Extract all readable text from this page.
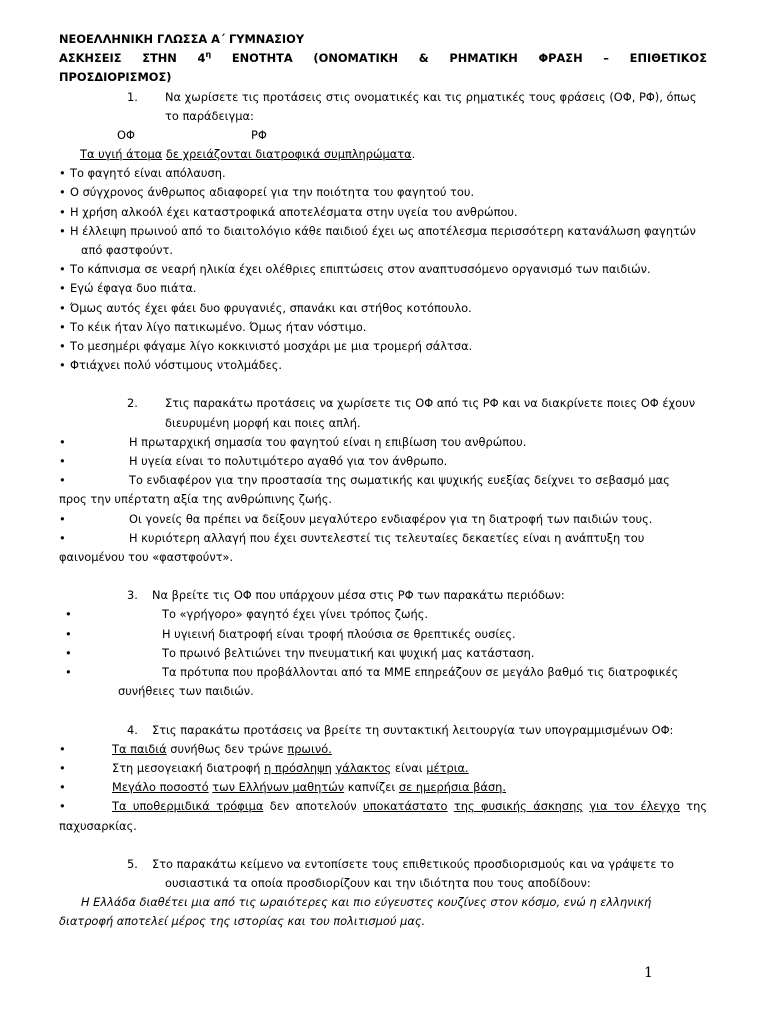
ΝΕΟΕΛΛΗΝΙΚΗ ΓΛΩΣΣΑ Α΄ ΓΥΜΝΑΣΙΟΥ
ΑΣΚΗΣΕΙΣ ΣΤΗΝ $4^\eta$ ΕΝΟΤΗΤΑ (ΟΝΟΜΑΤΙΚΗ & ΡΗΜΑΤΙΚΗ ΦΡΑΣΗ – ΕΠΙΘΕΤΙΚΟΣ
ΠΡΟΣΔΙΟΡΙΣΜΟΣ)
1. Να χωρίσετε τις προτάσεις στις ονοματικές και τις ρηματικές τους φράσεις (ΟΦ, ΡΦ), όπως
το παράδειγμα:
ΟΦ	ΡΦ
Τα υγιή άτομα δε χρειάζονται διατροφικά συμπληρώματα.
• Το φαγητό είναι απόλαυση.
• Ο σύγχρονος άνθρωπος αδιαφορεί για την ποιότητα του φαγητού του.
• Η χρήση αλκοόλ έχει καταστροφικά αποτελέσματα στην υγεία του ανθρώπου.
• Η έλλειψη πρωινού από το διαιτολόγιο κάθε παιδιού έχει ως αποτέλεσμα περισσότερη κατανάλωση φαγητών
από φαστφούντ.
• Το κάπνισμα σε νεαρή ηλικία έχει ολέθριες επιπτώσεις στον αναπτυσσόμενο οργανισμό των παιδιών.
• Εγώ έφαγα δυο πιάτα.
• Όμως αυτός έχει φάει δυο φρυγανιές, σπανάκι και στήθος κοτόπουλο.
• Το κέικ ήταν λίγο πατικωμένο. Όμως ήταν νόστιμο.
• Το μεσημέρι φάγαμε λίγο κοκκινιστό μοσχάρι με μια τρομερή σάλτσα.
• Φτιάχνει πολύ νόστιμους ντολμάδες.
2. Στις παρακάτω προτάσεις να χωρίσετε τις ΟΦ από τις ΡΦ και να διακρίνετε ποιες ΟΦ έχουν
διευρυμένη μορφή και ποιες απλή.
•	Η πρωταρχική σημασία του φαγητού είναι η επιβίωση του ανθρώπου.
•	Η υγεία είναι το πολυτιμότερο αγαθό για τον άνθρωπο.
•	Το ενδιαφέρον για την προστασία της σωματικής και ψυχικής ευεξίας δείχνει το σεβασμό μας
προς την υπέρτατη αξία της ανθρώπινης ζωής.
•	Οι γονείς θα πρέπει να δείξουν μεγαλύτερο ενδιαφέρον για τη διατροφή των παιδιών τους.
•	Η κυριότερη αλλαγή που έχει συντελεστεί τις τελευταίες δεκαετίες είναι η ανάπτυξη του
φαινομένου του «φαστφούντ».
3. Να βρείτε τις ΟΦ που υπάρχουν μέσα στις ΡΦ των παρακάτω περιόδων:
•	Το «γρήγορο» φαγητό έχει γίνει τρόπος ζωής.
•	Η υγιεινή διατροφή είναι τροφή πλούσια σε θρεπτικές ουσίες.
•	Το πρωινό βελτιώνει την πνευματική και ψυχική μας κατάσταση.
•	Τα πρότυπα που προβάλλονται από τα ΜΜΕ επηρεάζουν σε μεγάλο βαθμό τις διατροφικές
συνήθειες των παιδιών.
4. Στις παρακάτω προτάσεις να βρείτε τη συντακτική λειτουργία των υπογραμμισμένων ΟΦ:
•	Τα παιδιά συνήθως δεν τρώνε πρωινό.
•	Στη μεσογειακή διατροφή η πρόσληψη γάλακτος είναι μέτρια.
•	Μεγάλο ποσοστό των Ελλήνων μαθητών καπνίζει σε ημερήσια βάση.
•	Τα υποθερμιδικά τρόφιμα δεν αποτελούν υποκατάστατο της φυσικής άσκησης για τον έλεγχο της
παχυσαρκίας.
5. Στο παρακάτω κείμενο να εντοπίσετε τους επιθετικούς προσδιορισμούς και να γράψετε το
ουσιαστικά τα οποία προσδιορίζουν και την ιδιότητα που τους αποδίδουν:
Η Ελλάδα διαθέτει μια από τις ωραιότερες και πιο εύγευστες κουζίνες στον κόσμο, ενώ η ελληνική
διατροφή αποτελεί μέρος της ιστορίας και του πολιτισμού μας.
1
